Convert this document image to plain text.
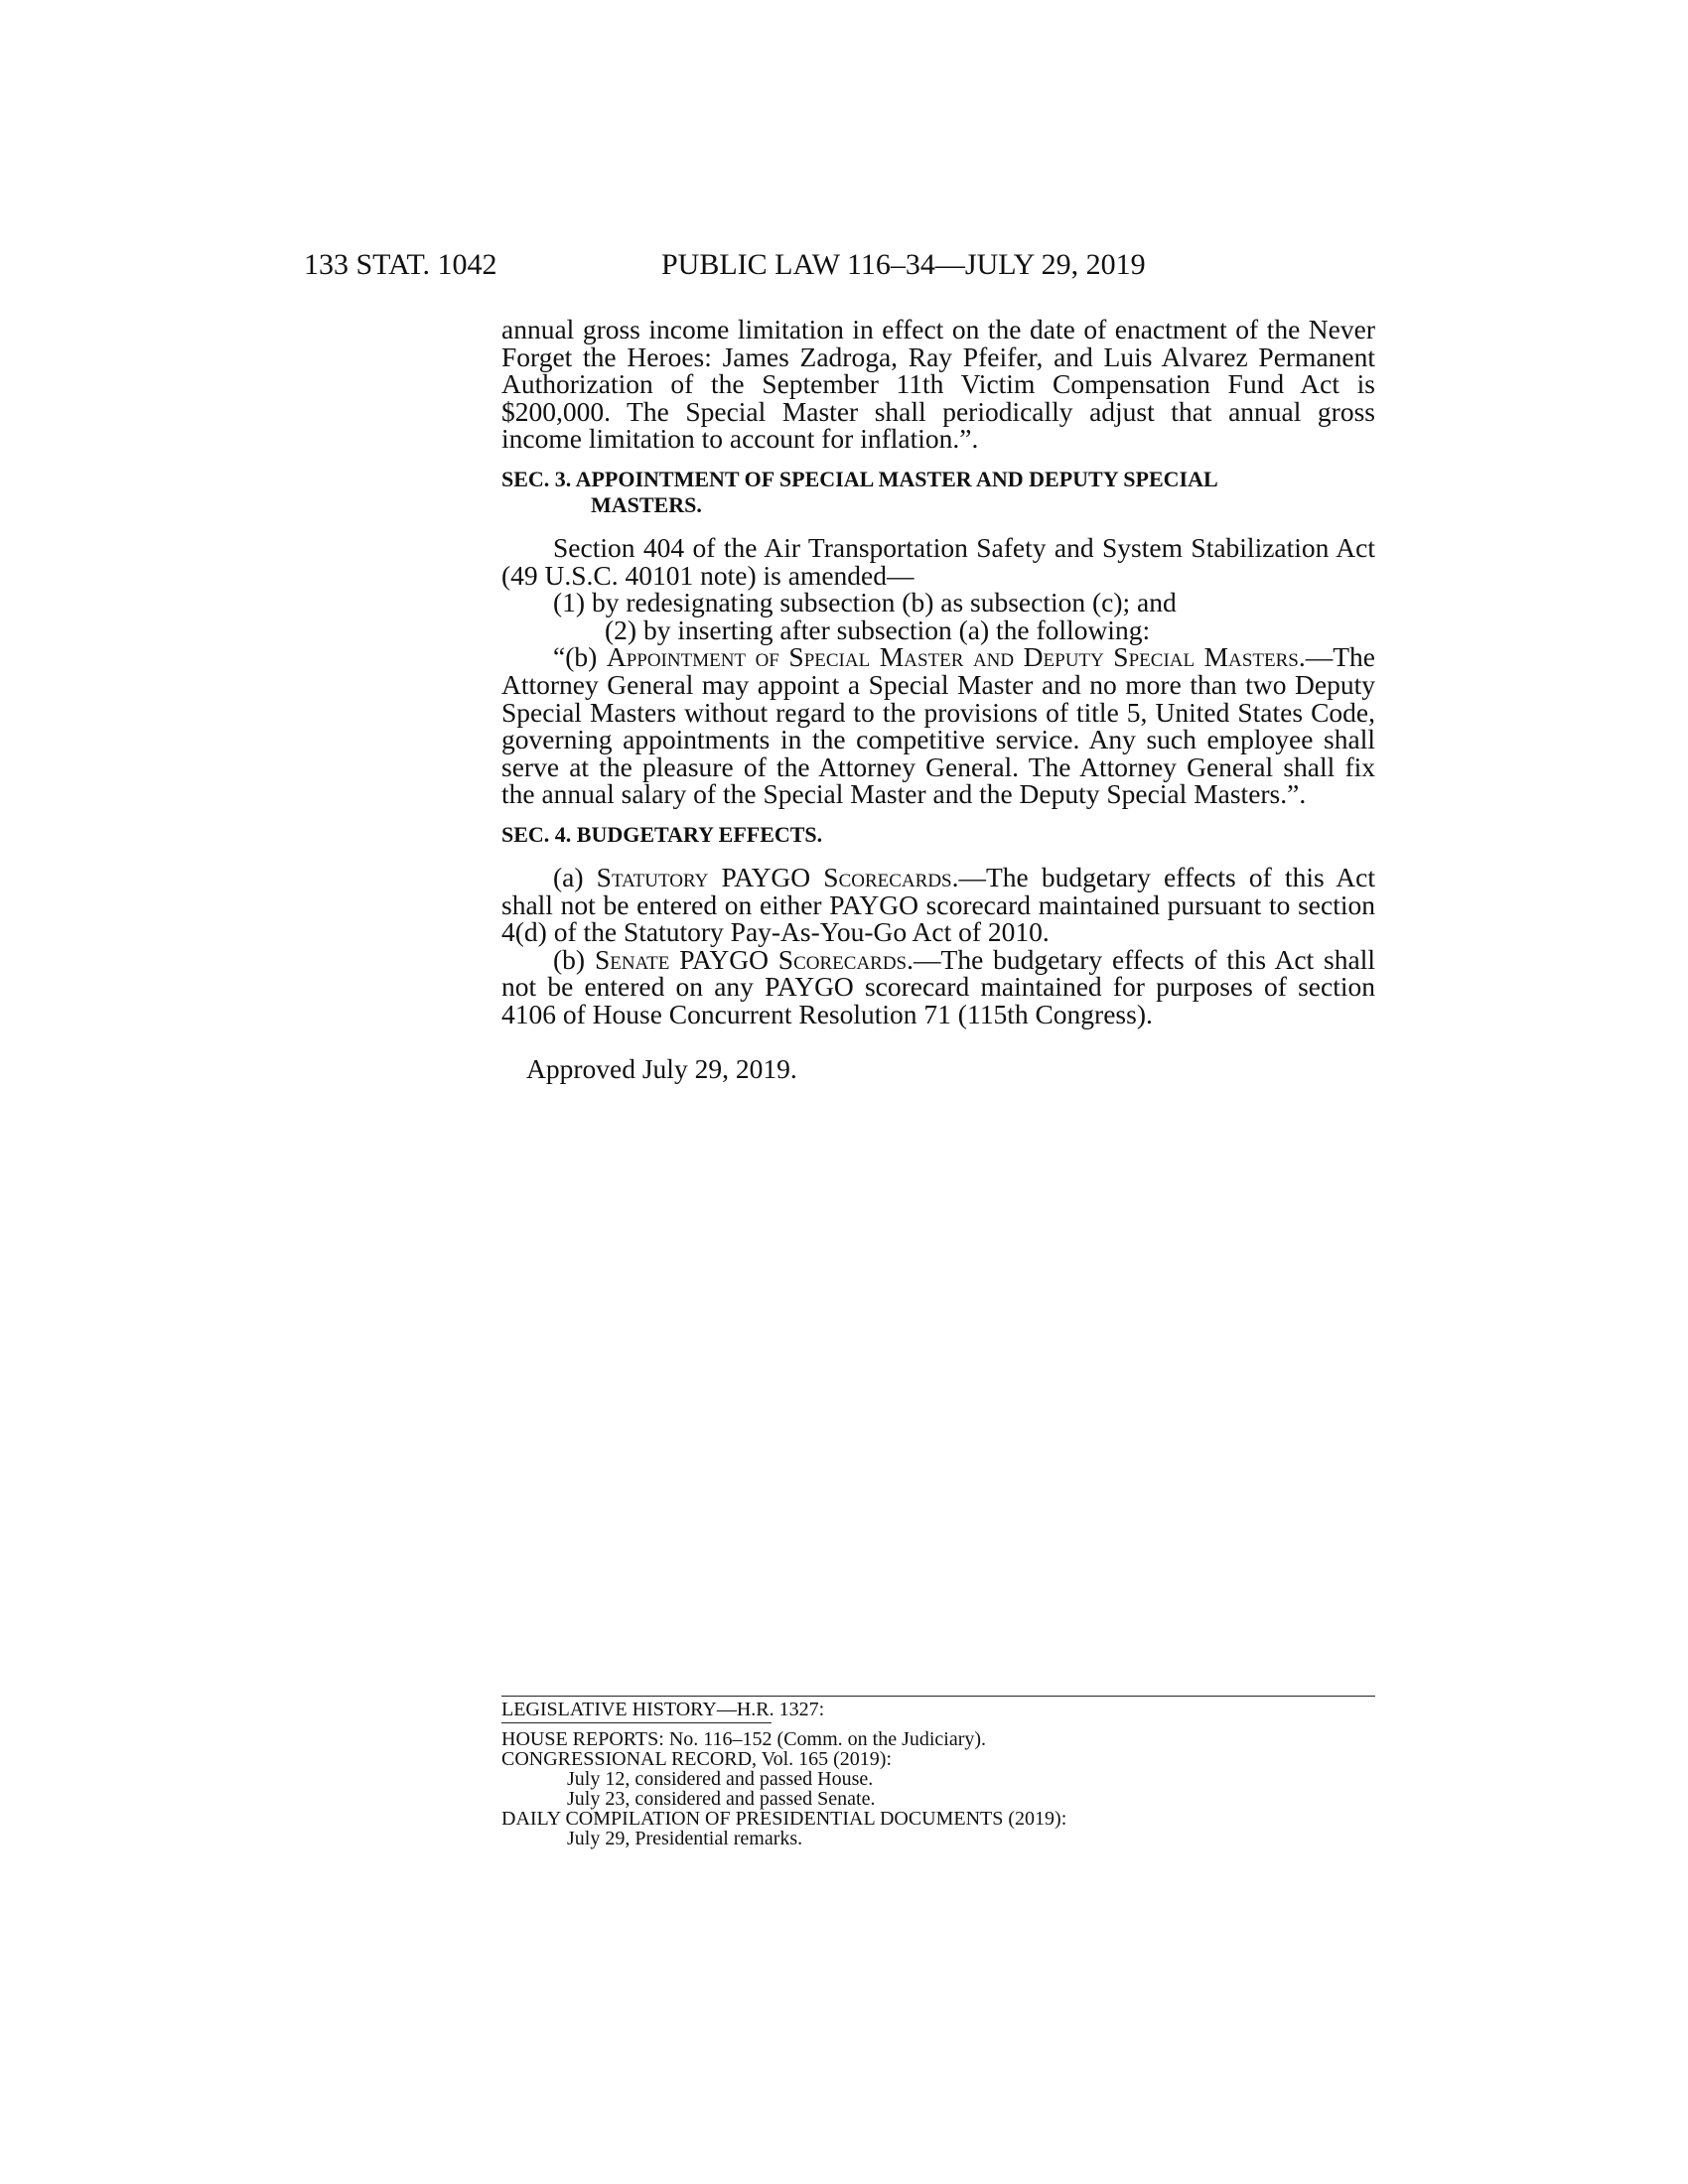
133 STAT. 1042	PUBLIC LAW 116–34—JULY 29, 2019

annual gross income limitation in effect on the date of enactment of the Never Forget the Heroes: James Zadroga, Ray Pfeifer, and Luis Alvarez Permanent Authorization of the September 11th Victim Compensation Fund Act is $200,000. The Special Master shall periodically adjust that annual gross income limitation to account for inflation.”.

SEC. 3. APPOINTMENT OF SPECIAL MASTER AND DEPUTY SPECIAL
MASTERS.

Section 404 of the Air Transportation Safety and System Stabilization Act (49 U.S.C. 40101 note) is amended—

(1) by redesignating subsection (b) as subsection (c); and

(2) by inserting after subsection (a) the following:

“(b) Appointment of Special Master and Deputy Special Masters.—The Attorney General may appoint a Special Master and no more than two Deputy Special Masters without regard to the provisions of title 5, United States Code, governing appointments in the competitive service. Any such employee shall serve at the pleasure of the Attorney General. The Attorney General shall fix the annual salary of the Special Master and the Deputy Special Masters.”.

SEC. 4. BUDGETARY EFFECTS.

(a) Statutory PAYGO Scorecards.—The budgetary effects of this Act shall not be entered on either PAYGO scorecard maintained pursuant to section 4(d) of the Statutory Pay-As-You-Go Act of 2010.

(b) Senate PAYGO Scorecards.—The budgetary effects of this Act shall not be entered on any PAYGO scorecard maintained for purposes of section 4106 of House Concurrent Resolution 71 (115th Congress).

Approved July 29, 2019.

LEGISLATIVE HISTORY—H.R. 1327:

HOUSE REPORTS: No. 116–152 (Comm. on the Judiciary).

CONGRESSIONAL RECORD, Vol. 165 (2019):

July 12, considered and passed House.

July 23, considered and passed Senate.

DAILY COMPILATION OF PRESIDENTIAL DOCUMENTS (2019):

July 29, Presidential remarks.
